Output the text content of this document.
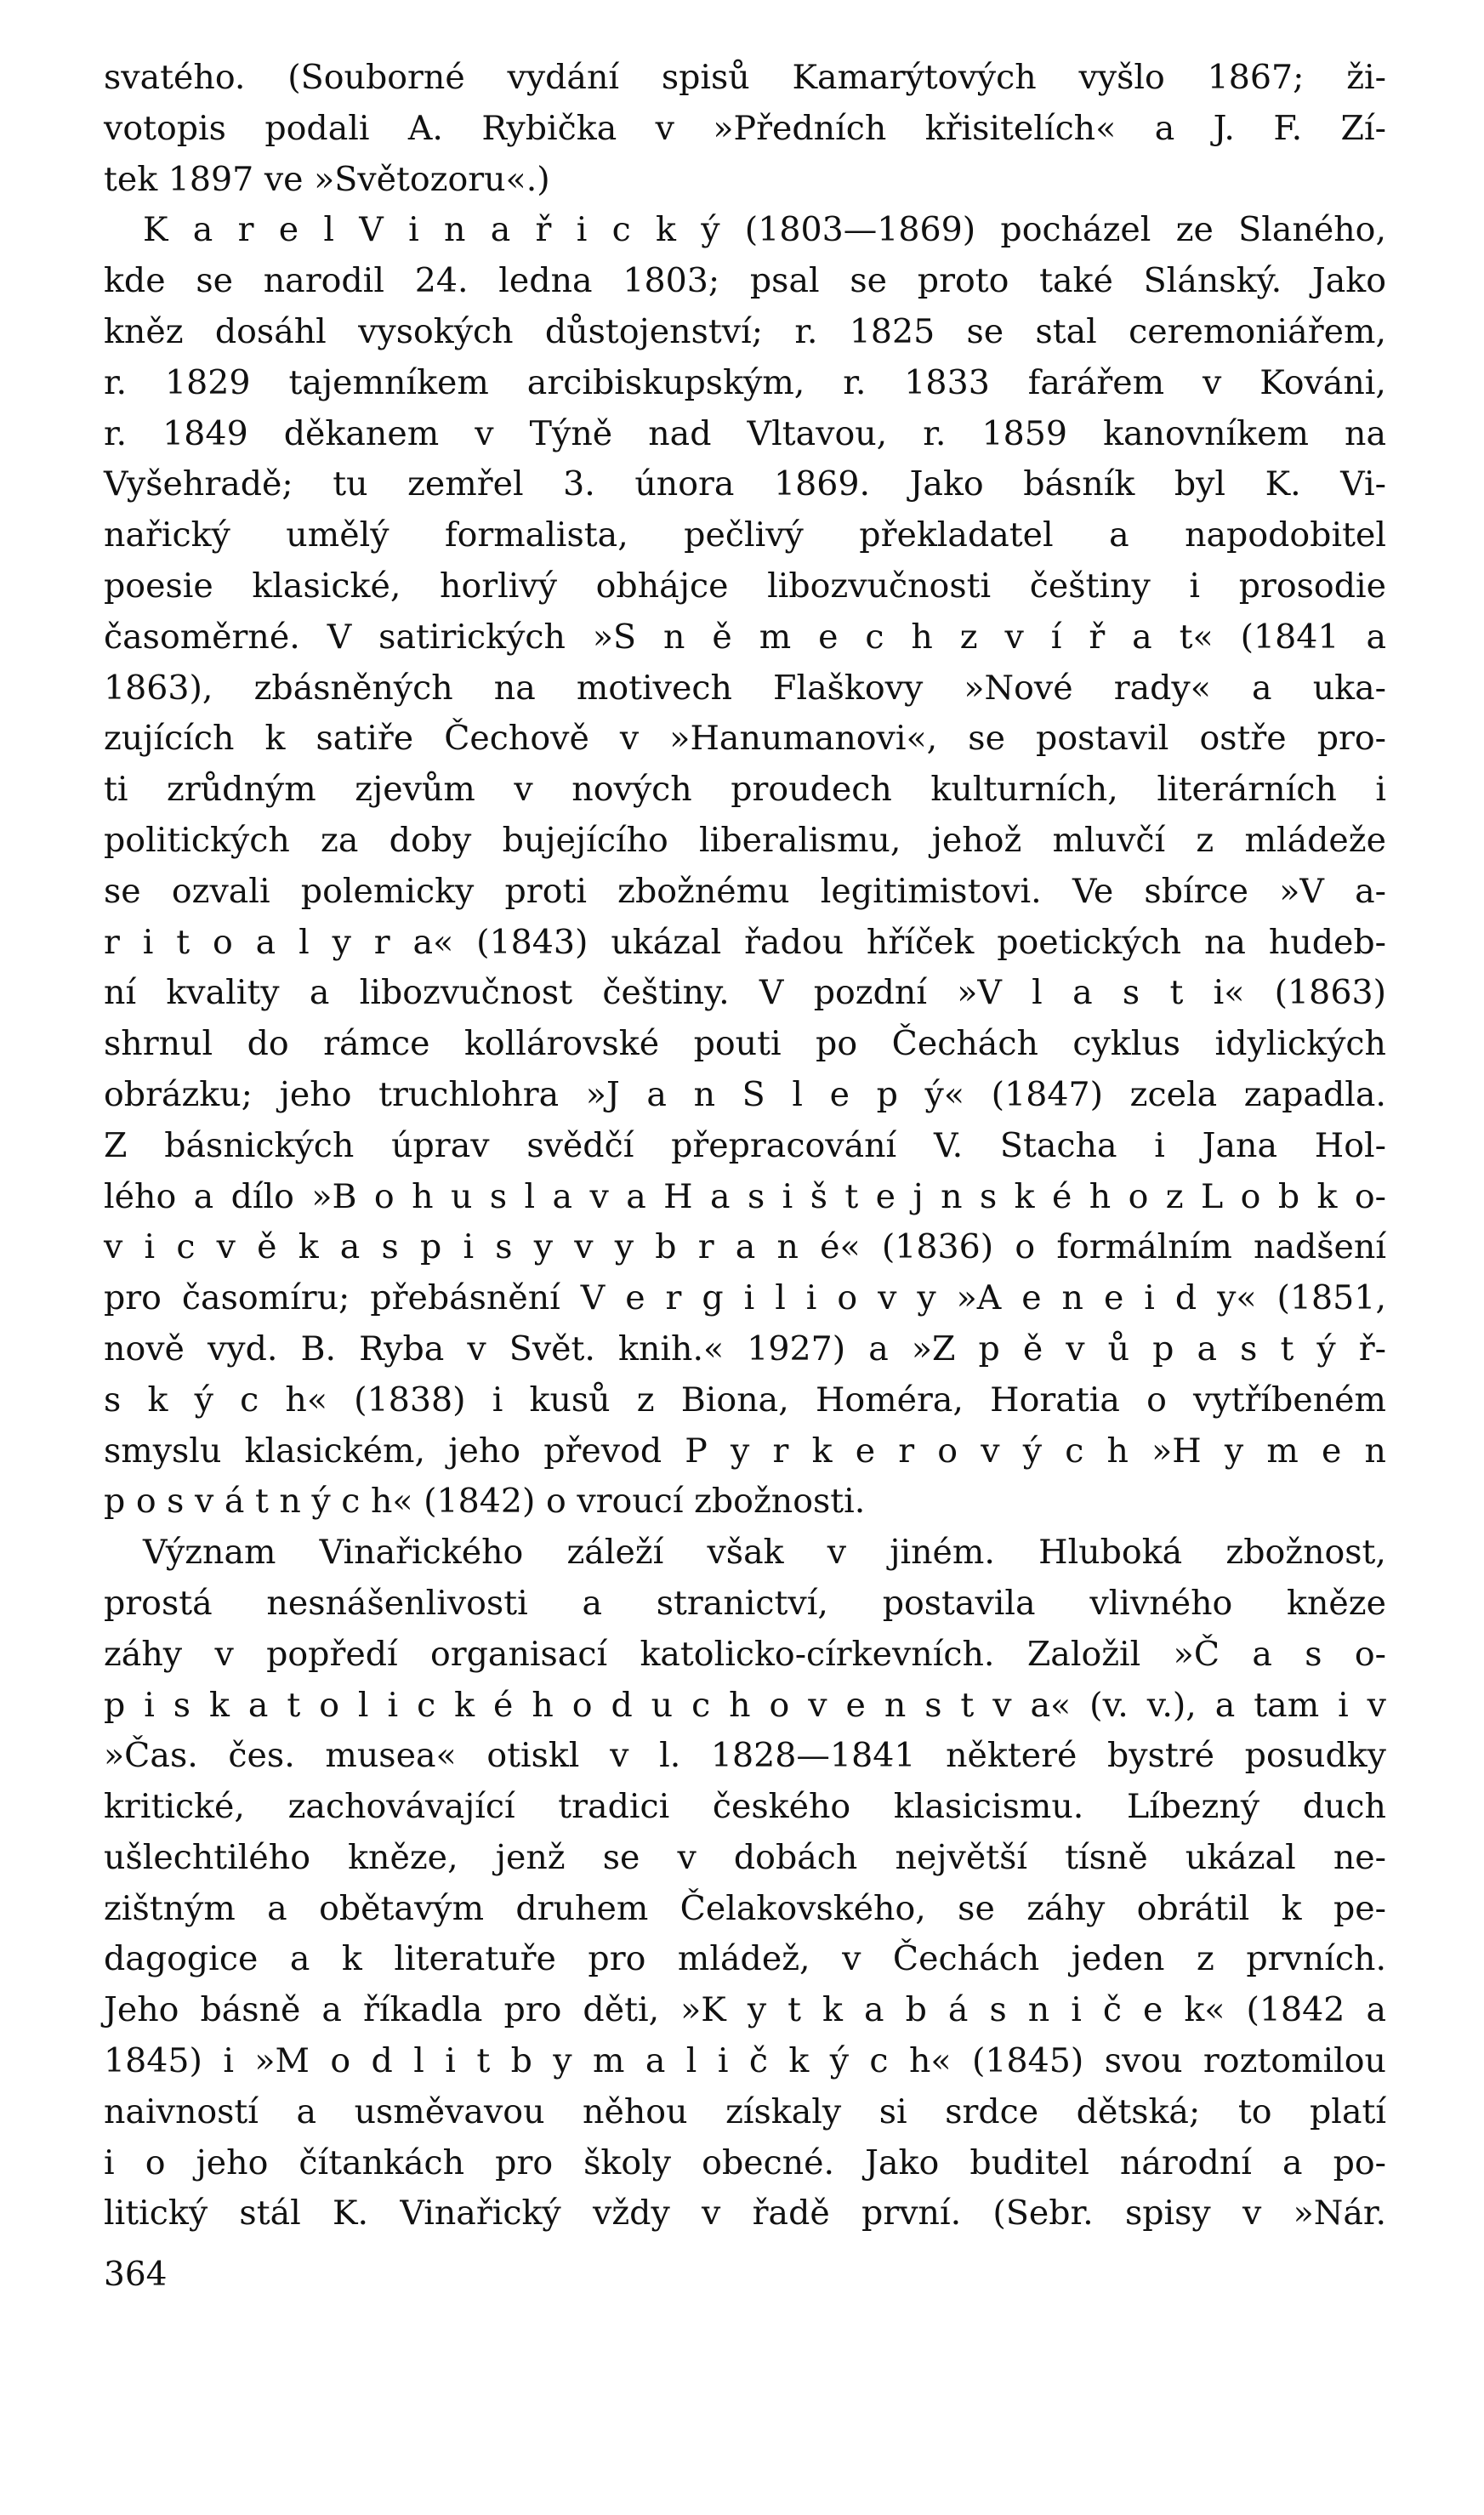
svatého. (Souborné vydání spisů Kamarýtových vyšlo 1867; ži-
votopis podali A. Rybička v »Předních křisitelích« a J. F. Zí-
tek 1897 ve »Světozoru«.)
K a r e l V i n a ř i c k ý (1803—1869) pocházel ze Slaného,
kde se narodil 24. ledna 1803; psal se proto také Slánský. Jako
kněz dosáhl vysokých důstojenství; r. 1825 se stal ceremoniářem,
r. 1829 tajemníkem arcibiskupským, r. 1833 farářem v Kováni,
r. 1849 děkanem v Týně nad Vltavou, r. 1859 kanovníkem na
Vyšehradě; tu zemřel 3. února 1869. Jako básník byl K. Vi-
nařický umělý formalista, pečlivý překladatel a napodobitel
poesie klasické, horlivý obhájce libozvučnosti češtiny i prosodie
časoměrné. V satirických »S n ě m e c h z v í ř a t« (1841 a
1863), zbásněných na motivech Flaškovy »Nové rady« a uka-
zujících k satiře Čechově v »Hanumanovi«, se postavil ostře pro-
ti zrůdným zjevům v nových proudech kulturních, literárních i
politických za doby bujejícího liberalismu, jehož mluvčí z mládeže
se ozvali polemicky proti zbožnému legitimistovi. Ve sbírce »V a-
r i t o a l y r a« (1843) ukázal řadou hříček poetických na hudeb-
ní kvality a libozvučnost češtiny. V pozdní »V l a s t i« (1863)
shrnul do rámce kollárovské pouti po Čechách cyklus idylických
obrázku; jeho truchlohra »J a n S l e p ý« (1847) zcela zapadla.
Z básnických úprav svědčí přepracování V. Stacha i Jana Hol-
lého a dílo »B o h u s l a v a H a s i š t e j n s k é h o z L o b k o-
v i c v ě k a s p i s y v y b r a n é« (1836) o formálním nadšení
pro časomíru; přebásnění V e r g i l i o v y »A e n e i d y« (1851,
nově vyd. B. Ryba v Svět. knih.« 1927) a »Z p ě v ů p a s t ý ř-
s k ý c h« (1838) i kusů z Biona, Homéra, Horatia o vytříbeném
smyslu klasickém, jeho převod P y r k e r o v ý c h »H y m e n
p o s v á t n ý c h« (1842) o vroucí zbožnosti.
Význam Vinařického záleží však v jiném. Hluboká zbožnost,
prostá nesnášenlivosti a stranictví, postavila vlivného kněze
záhy v popředí organisací katolicko-církevních. Založil »Č a s o-
p i s k a t o l i c k é h o d u c h o v e n s t v a« (v. v.), a tam i v
»Čas. čes. musea« otiskl v l. 1828—1841 některé bystré posudky
kritické, zachovávající tradici českého klasicismu. Líbezný duch
ušlechtilého kněze, jenž se v dobách největší tísně ukázal ne-
zištným a obětavým druhem Čelakovského, se záhy obrátil k pe-
dagogice a k literatuře pro mládež, v Čechách jeden z prvních.
Jeho básně a říkadla pro děti, »K y t k a b á s n i č e k« (1842 a
1845) i »M o d l i t b y m a l i č k ý c h« (1845) svou roztomilou
naivností a usměvavou něhou získaly si srdce dětská; to platí
i o jeho čítankách pro školy obecné. Jako buditel národní a po-
litický stál K. Vinařický vždy v řadě první. (Sebr. spisy v »Nár.
364
